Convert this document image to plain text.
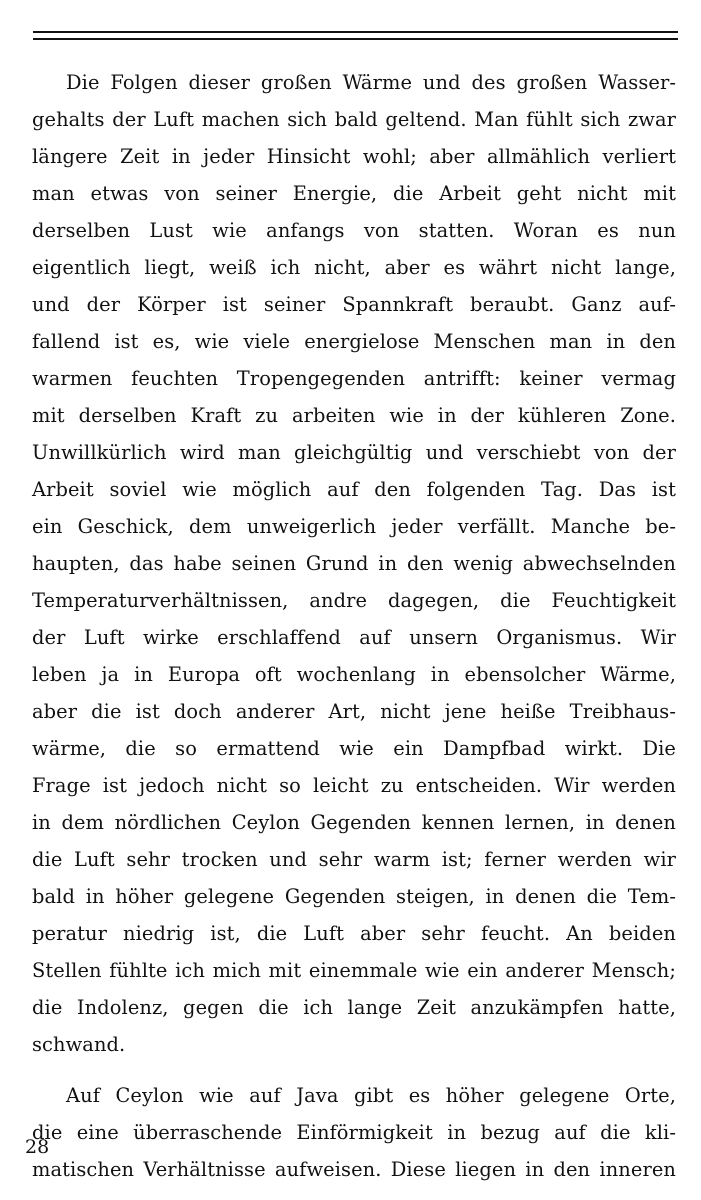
Die Folgen dieser großen Wärme und des großen Wasser-
gehalts der Luft machen sich bald geltend. Man fühlt sich zwar
längere Zeit in jeder Hinsicht wohl; aber allmählich verliert
man etwas von seiner Energie, die Arbeit geht nicht mit
derselben Lust wie anfangs von statten. Woran es nun
eigentlich liegt, weiß ich nicht, aber es währt nicht lange,
und der Körper ist seiner Spannkraft beraubt. Ganz auf-
fallend ist es, wie viele energielose Menschen man in den
warmen feuchten Tropengegenden antrifft: keiner vermag
mit derselben Kraft zu arbeiten wie in der kühleren Zone.
Unwillkürlich wird man gleichgültig und verschiebt von der
Arbeit soviel wie möglich auf den folgenden Tag. Das ist
ein Geschick, dem unweigerlich jeder verfällt. Manche be-
haupten, das habe seinen Grund in den wenig abwechselnden
Temperaturverhältnissen, andre dagegen, die Feuchtigkeit
der Luft wirke erschlaffend auf unsern Organismus. Wir
leben ja in Europa oft wochenlang in ebensolcher Wärme,
aber die ist doch anderer Art, nicht jene heiße Treibhaus-
wärme, die so ermattend wie ein Dampfbad wirkt. Die
Frage ist jedoch nicht so leicht zu entscheiden. Wir werden
in dem nördlichen Ceylon Gegenden kennen lernen, in denen
die Luft sehr trocken und sehr warm ist; ferner werden wir
bald in höher gelegene Gegenden steigen, in denen die Tem-
peratur niedrig ist, die Luft aber sehr feucht. An beiden
Stellen fühlte ich mich mit einemmale wie ein anderer Mensch;
die Indolenz, gegen die ich lange Zeit anzukämpfen hatte,
schwand.
Auf Ceylon wie auf Java gibt es höher gelegene Orte,
die eine überraschende Einförmigkeit in bezug auf die kli-
matischen Verhältnisse aufweisen. Diese liegen in den inneren
28
